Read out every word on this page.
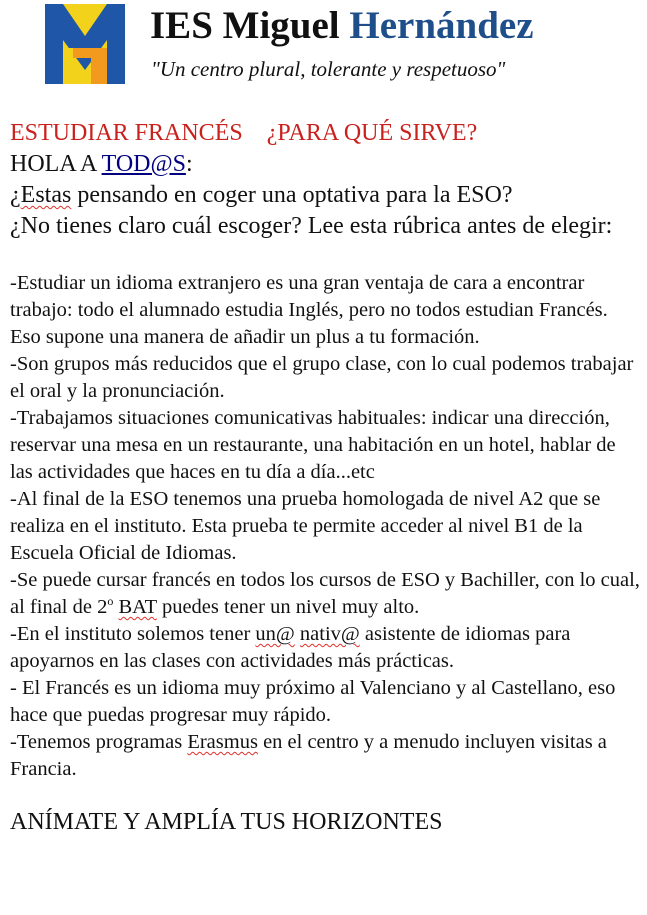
IES Miguel Hernández
"Un centro plural, tolerante y respetuoso"

ESTUDIAR FRANCÉS ¿PARA QUÉ SIRVE?

HOLA A TOD@S:

¿Estas pensando en coger una optativa para la ESO?

¿No tienes claro cuál escoger? Lee esta rúbrica antes de elegir:

-Estudiar un idioma extranjero es una gran ventaja de cara a encontrar trabajo: todo el alumnado estudia Inglés, pero no todos estudian Francés. Eso supone una manera de añadir un plus a tu formación.

-Son grupos más reducidos que el grupo clase, con lo cual podemos trabajar el oral y la pronunciación.

-Trabajamos situaciones comunicativas habituales: indicar una dirección, reservar una mesa en un restaurante, una habitación en un hotel, hablar de las actividades que haces en tu día a día...etc

-Al final de la ESO tenemos una prueba homologada de nivel A2 que se realiza en el instituto. Esta prueba te permite acceder al nivel B1 de la Escuela Oficial de Idiomas.

-Se puede cursar francés en todos los cursos de ESO y Bachiller, con lo cual, al final de 2$^o$ BAT puedes tener un nivel muy alto.

-En el instituto solemos tener un@ nativ@ asistente de idiomas para apoyarnos en las clases con actividades más prácticas.

- El Francés es un idioma muy próximo al Valenciano y al Castellano, eso hace que puedas progresar muy rápido.

-Tenemos programas Erasmus en el centro y a menudo incluyen visitas a Francia.

ANÍMATE Y AMPLÍA TUS HORIZONTES
